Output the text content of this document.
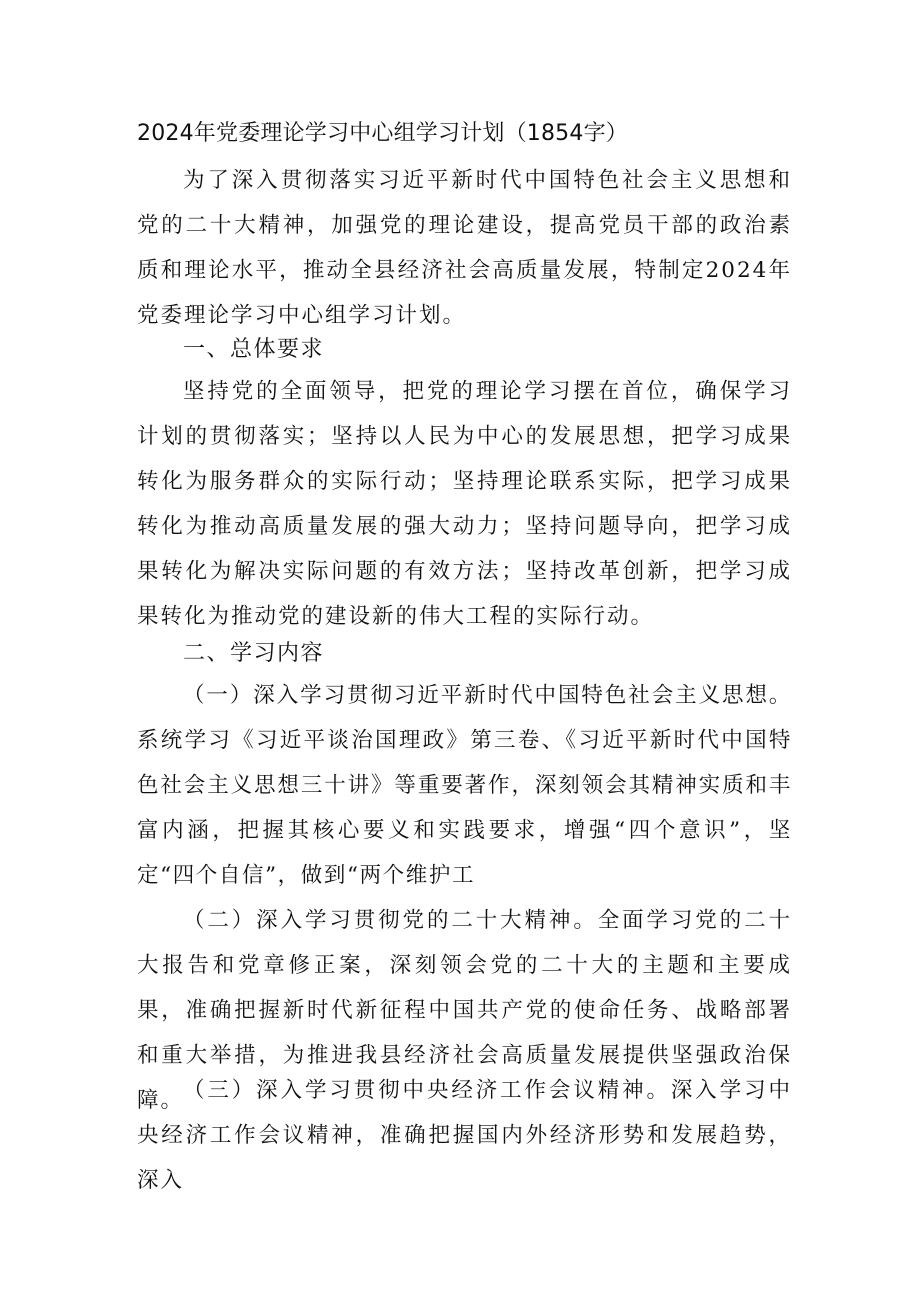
2024年党委理论学习中心组学习计划（1854字）

为了深入贯彻落实习近平新时代中国特色社会主义思想和党的二十大精神，加强党的理论建设，提高党员干部的政治素质和理论水平，推动全县经济社会高质量发展，特制定2024年党委理论学习中心组学习计划。

一、总体要求

坚持党的全面领导，把党的理论学习摆在首位，确保学习计划的贯彻落实；坚持以人民为中心的发展思想，把学习成果转化为服务群众的实际行动；坚持理论联系实际，把学习成果转化为推动高质量发展的强大动力；坚持问题导向，把学习成果转化为解决实际问题的有效方法；坚持改革创新，把学习成果转化为推动党的建设新的伟大工程的实际行动。

二、学习内容

（一）深入学习贯彻习近平新时代中国特色社会主义思想。系统学习《习近平谈治国理政》第三卷、《习近平新时代中国特色社会主义思想三十讲》等重要著作，深刻领会其精神实质和丰富内涵，把握其核心要义和实践要求，增强“四个意识”，坚定“四个自信”，做到“两个维护工

（二）深入学习贯彻党的二十大精神。全面学习党的二十大报告和党章修正案，深刻领会党的二十大的主题和主要成果，准确把握新时代新征程中国共产党的使命任务、战略部署和重大举措，为推进我县经济社会高质量发展提供坚强政治保障。

（三）深入学习贯彻中央经济工作会议精神。深入学习中央经济工作会议精神，准确把握国内外经济形势和发展趋势，深入
